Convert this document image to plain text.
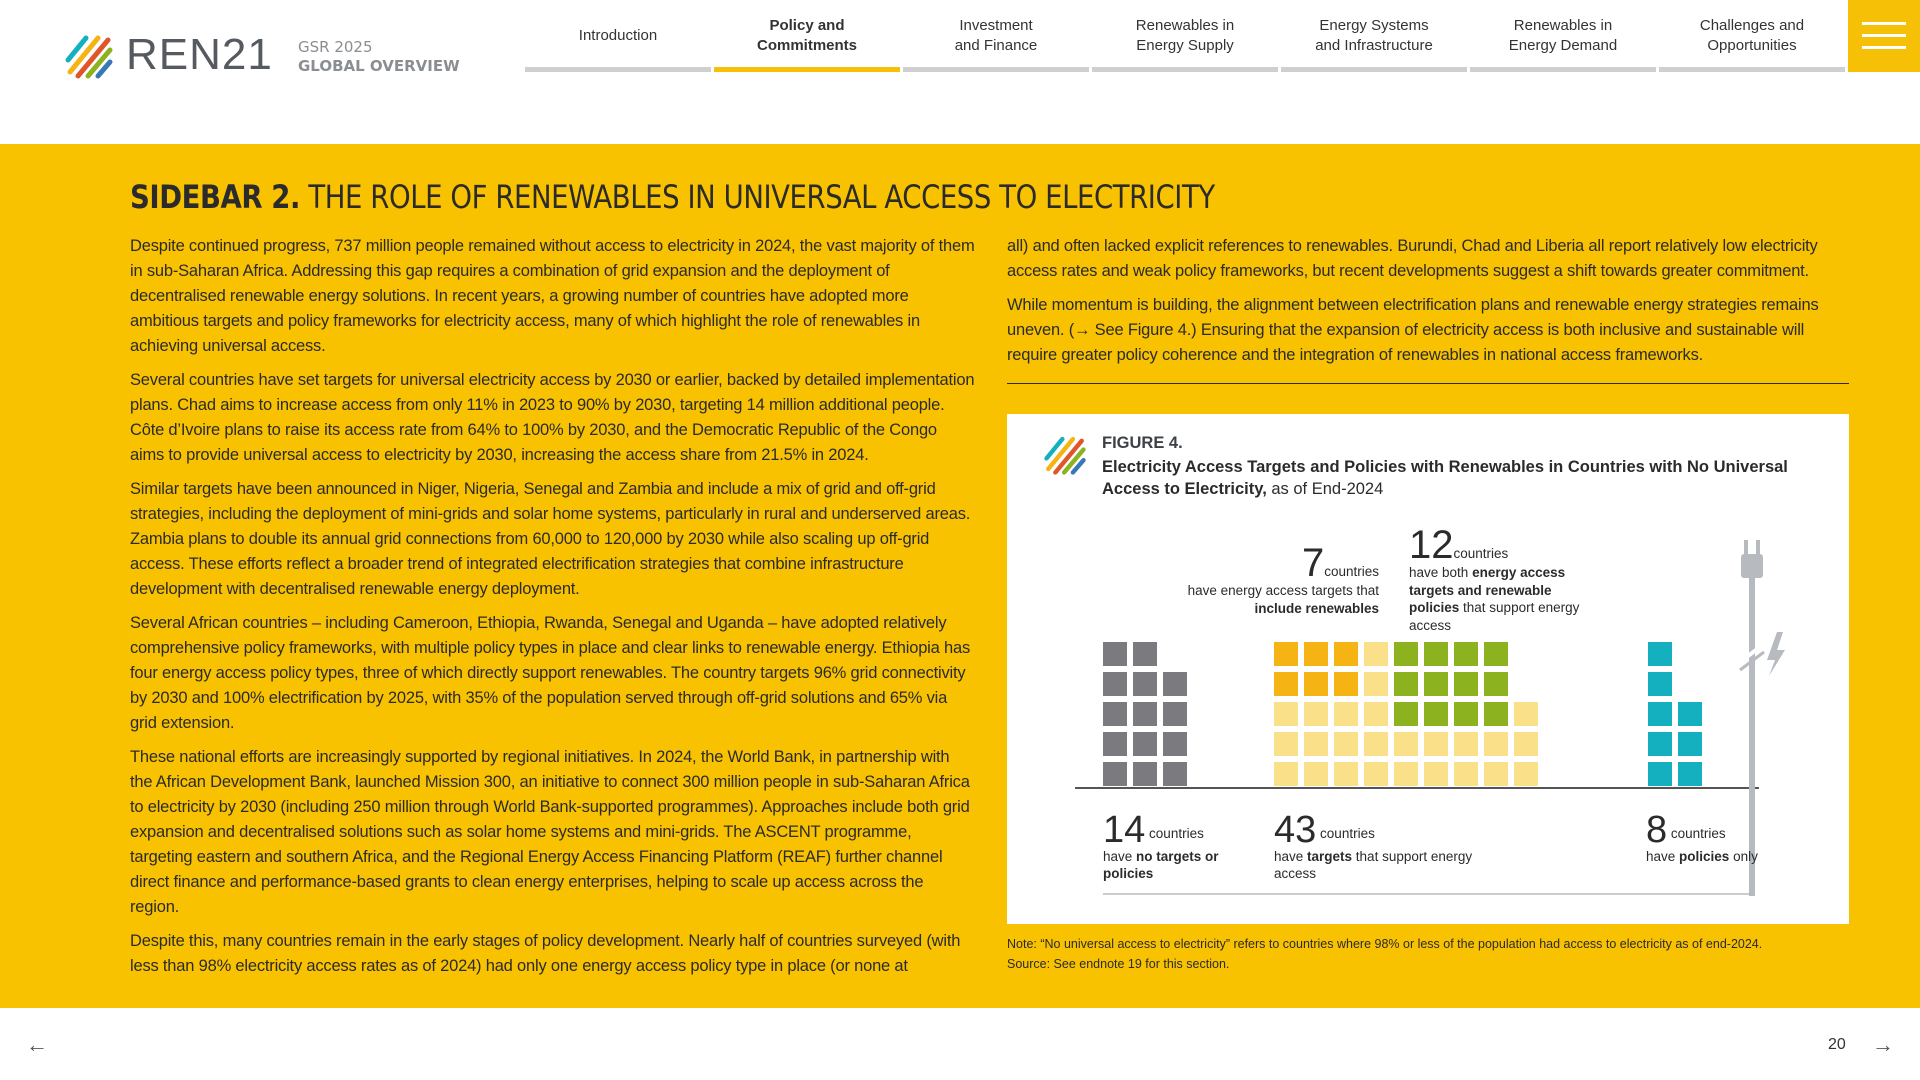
REN21 GSR 2025
GLOBAL OVERVIEW
Introduction
Policy and
Commitments
Investment
and Finance
Renewables in
Energy Supply
Energy Systems
and Infrastructure
Renewables in
Energy Demand
Challenges and
Opportunities
SIDEBAR 2. THE ROLE OF RENEWABLES IN UNIVERSAL ACCESS TO ELECTRICITY

Despite continued progress, 737 million people remained without access to electricity in 2024, the vast majority of them in sub-Saharan Africa. Addressing this gap requires a combination of grid expansion and the deployment of decentralised renewable energy solutions. In recent years, a growing number of countries have adopted more ambitious targets and policy frameworks for electricity access, many of which highlight the role of renewables in achieving universal access.

Several countries have set targets for universal electricity access by 2030 or earlier, backed by detailed implementation plans. Chad aims to increase access from only 11% in 2023 to 90% by 2030, targeting 14 million additional people. Côte d’Ivoire plans to raise its access rate from 64% to 100% by 2030, and the Democratic Republic of the Congo aims to provide universal access to electricity by 2030, increasing the access share from 21.5% in 2024.

Similar targets have been announced in Niger, Nigeria, Senegal and Zambia and include a mix of grid and off-grid strategies, including the deployment of mini-grids and solar home systems, particularly in rural and underserved areas. Zambia plans to double its annual grid connections from 60,000 to 120,000 by 2030 while also scaling up off-grid access. These efforts reflect a broader trend of integrated electrification strategies that combine infrastructure development with decentralised renewable energy deployment.

Several African countries – including Cameroon, Ethiopia, Rwanda, Senegal and Uganda – have adopted relatively comprehensive policy frameworks, with multiple policy types in place and clear links to renewable energy. Ethiopia has four energy access policy types, three of which directly support renewables. The country targets 96% grid connectivity by 2030 and 100% electrification by 2025, with 35% of the population served through off-grid solutions and 65% via grid extension.

These national efforts are increasingly supported by regional initiatives. In 2024, the World Bank, in partnership with the African Development Bank, launched Mission 300, an initiative to connect 300 million people in sub-Saharan Africa to electricity by 2030 (including 250 million through World Bank-supported programmes). Approaches include both grid expansion and decentralised solutions such as solar home systems and mini-grids. The ASCENT programme, targeting eastern and southern Africa, and the Regional Energy Access Financing Platform (REAF) further channel direct finance and performance-based grants to clean energy enterprises, helping to scale up access across the region.

Despite this, many countries remain in the early stages of policy development. Nearly half of countries surveyed (with less than 98% electricity access rates as of 2024) had only one energy access policy type in place (or none at

all) and often lacked explicit references to renewables. Burundi, Chad and Liberia all report relatively low electricity access rates and weak policy frameworks, but recent developments suggest a shift towards greater commitment.

While momentum is building, the alignment between electrification plans and renewable energy strategies remains uneven. (→ See Figure 4.) Ensuring that the expansion of electricity access is both inclusive and sustainable will require greater policy coherence and the integration of renewables in national access frameworks.

FIGURE 4.
Electricity Access Targets and Policies with Renewables in Countries with No Universal Access to Electricity, as of End-2024
7countries
have energy access targets that include renewables
12countries
have both energy access targets and renewable policies that support energy access
14 countries
have no targets or policies
43 countries
have targets that support energy access
8 countries
have policies only
Note: “No universal access to electricity” refers to countries where 98% or less of the population had access to electricity as of end-2024.
Source: See endnote 19 for this section.
←	20 →
